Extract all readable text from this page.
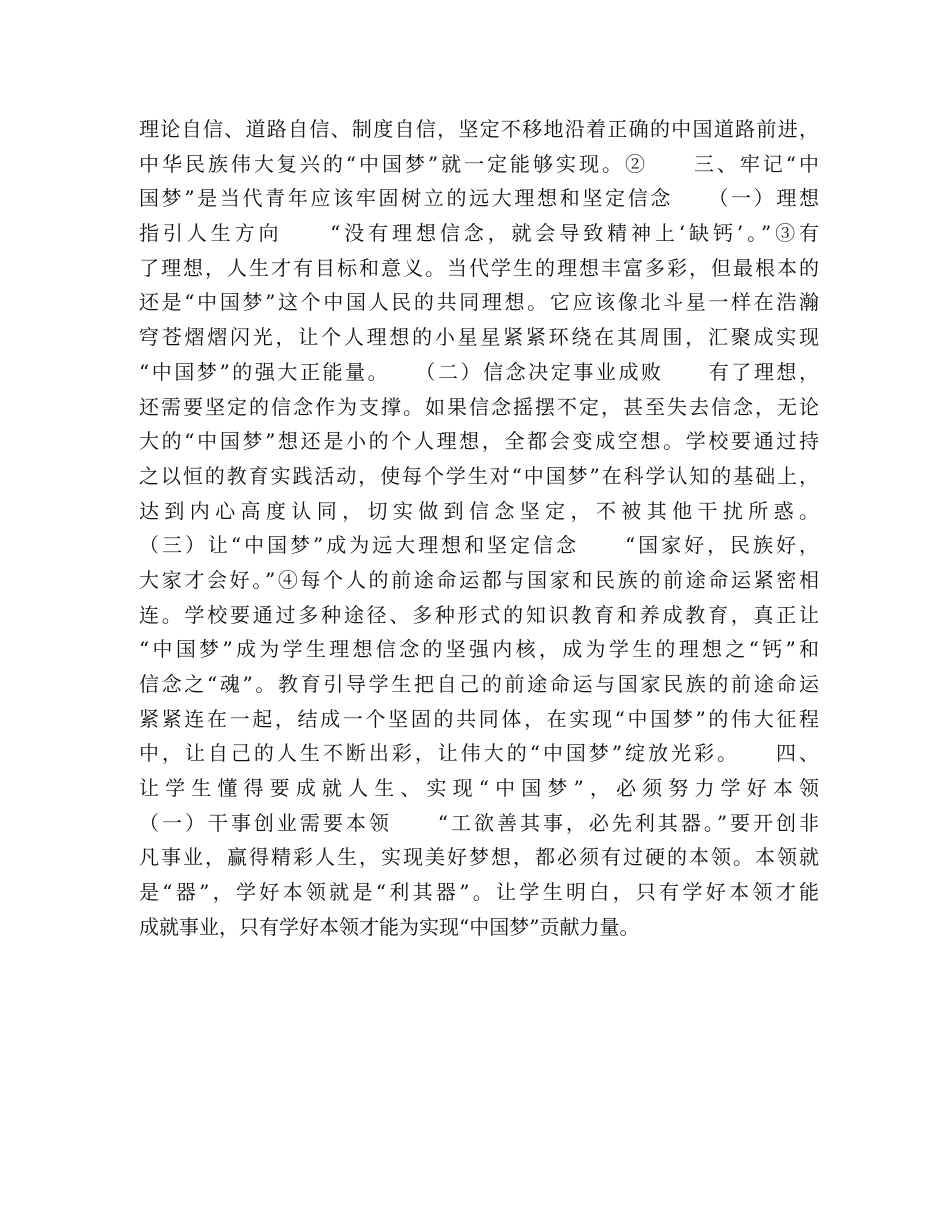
理论自信、道路自信、制度自信，坚定不移地沿着正确的中国道路前进，
中华民族伟大复兴的“中国梦”就一定能够实现。②　　三、牢记“中
国梦”是当代青年应该牢固树立的远大理想和坚定信念　　（一）理想
指引人生方向　　“没有理想信念，就会导致精神上‘缺钙’。”③有
了理想，人生才有目标和意义。当代学生的理想丰富多彩，但最根本的
还是“中国梦”这个中国人民的共同理想。它应该像北斗星一样在浩瀚
穹苍熠熠闪光，让个人理想的小星星紧紧环绕在其周围，汇聚成实现
“中国梦”的强大正能量。　　（二）信念决定事业成败　　有了理想，
还需要坚定的信念作为支撑。如果信念摇摆不定，甚至失去信念，无论
大的“中国梦”想还是小的个人理想，全都会变成空想。学校要通过持
之以恒的教育实践活动，使每个学生对“中国梦”在科学认知的基础上，
达到内心高度认同，切实做到信念坚定，不被其他干扰所惑。
（三）让“中国梦”成为远大理想和坚定信念　　“国家好，民族好，
大家才会好。”④每个人的前途命运都与国家和民族的前途命运紧密相
连。学校要通过多种途径、多种形式的知识教育和养成教育，真正让
“中国梦”成为学生理想信念的坚强内核，成为学生的理想之“钙”和
信念之“魂”。教育引导学生把自己的前途命运与国家民族的前途命运
紧紧连在一起，结成一个坚固的共同体，在实现“中国梦”的伟大征程
中，让自己的人生不断出彩，让伟大的“中国梦”绽放光彩。　　四、
让学生懂得要成就人生、实现“中国梦”，必须努力学好本领
（一）干事创业需要本领　　“工欲善其事，必先利其器。”要开创非
凡事业，赢得精彩人生，实现美好梦想，都必须有过硬的本领。本领就
是“器”，学好本领就是“利其器”。让学生明白，只有学好本领才能
成就事业，只有学好本领才能为实现“中国梦”贡献力量。
